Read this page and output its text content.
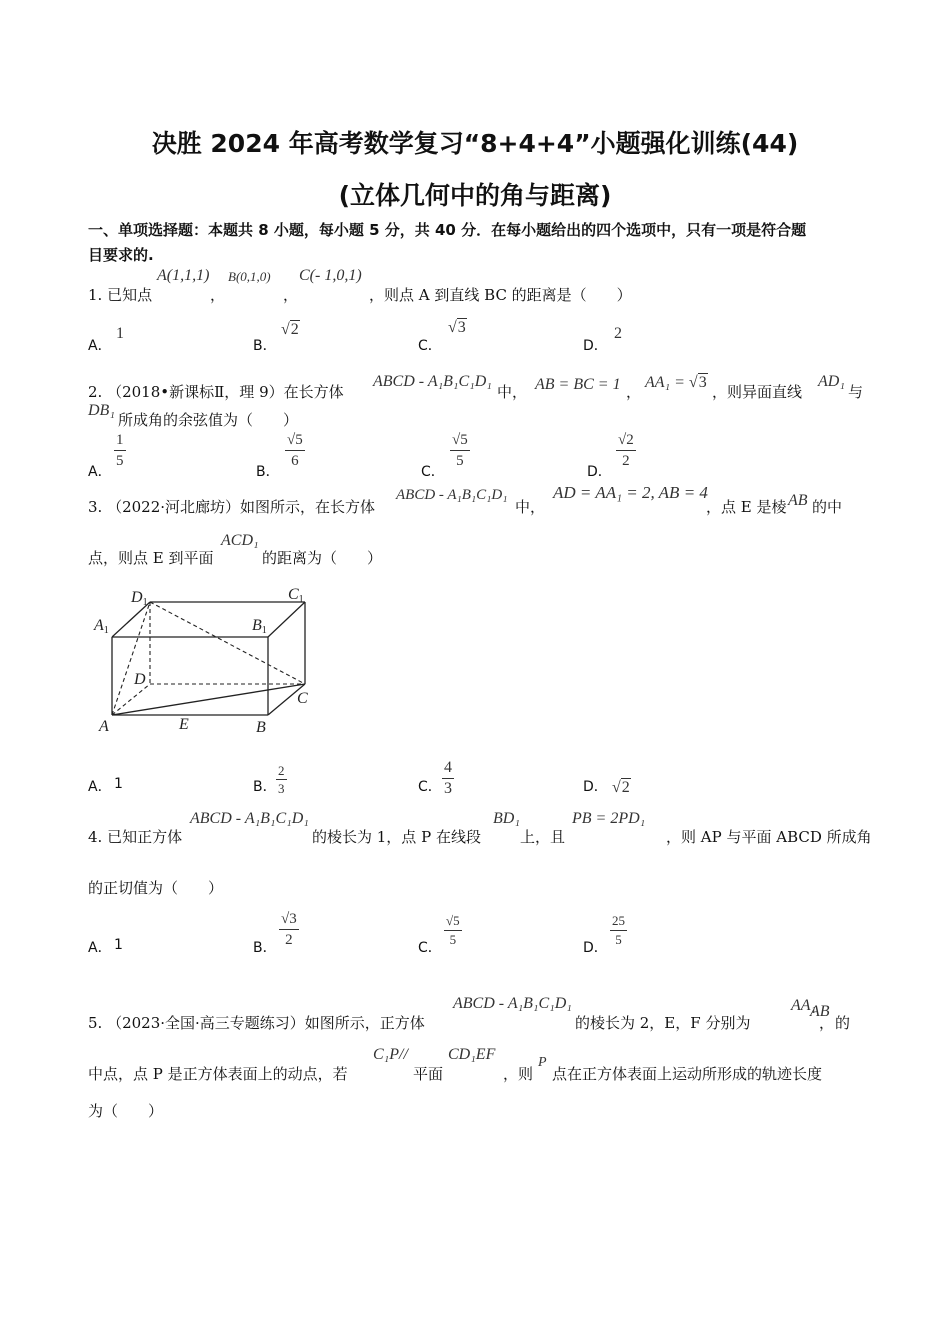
决胜 2024 年高考数学复习“8+4+4”小题强化训练(44)
(立体几何中的角与距离)
一、单项选择题：本题共 8 小题，每小题 5 分，共 40 分．在每小题给出的四个选项中，只有一项是符合题
目要求的.
1. 已知点
A(1,1,1)
，
B(0,1,0)
，
C(- 1,0,1)
，则点 A 到直线 BC 的距离是（　　）
A．
1
B．
√2
C．
√3
D．
2
2. （2018•新课标Ⅱ，理 9）在长方体
ABCD - A₁B₁C₁D₁
中， AB = BC = 1 ，
AA₁ = √3
，则异面直线
AD₁
与
DB₁
所成角的余弦值为（　　）
A．
$\frac{1}{5}$
B．
$\frac{√5}{6}$
C．
$\frac{√5}{5}$
D．
$\frac{√2}{2}$
3. （2022·河北廊坊）如图所示，在长方体
ABCD - A₁B₁C₁D₁
中，
AD = AA₁ = 2, AB = 4
，点 E 是棱 AB 的中
点，则点 E 到平面
ACD₁
的距离为（　　）
D1	C1
A1	B1
D
C
A	E	B
A． 1	B． $\frac{2}{3}$	C． $\frac{4}{3}$	D． √2
4. 已知正方体
ABCD - A₁B₁C₁D₁
的棱长为 1，点 P 在线段
BD₁
上，且
PB = 2PD₁
，则 AP 与平面 ABCD 所成角
的正切值为（　　）
A． 1	B． $\frac{√3}{2}$	C． $\frac{√5}{5}$	D． $\frac{25}{5}$
5. （2023·全国·高三专题练习）如图所示，正方体
ABCD - A₁B₁C₁D₁
的棱长为 2，E，F 分别为
AA₁
，
AB
的
中点，点 P 是正方体表面上的动点，若
C₁P//
平面
CD₁EF
，则
P
点在正方体表面上运动所形成的轨迹长度
为（　　）
